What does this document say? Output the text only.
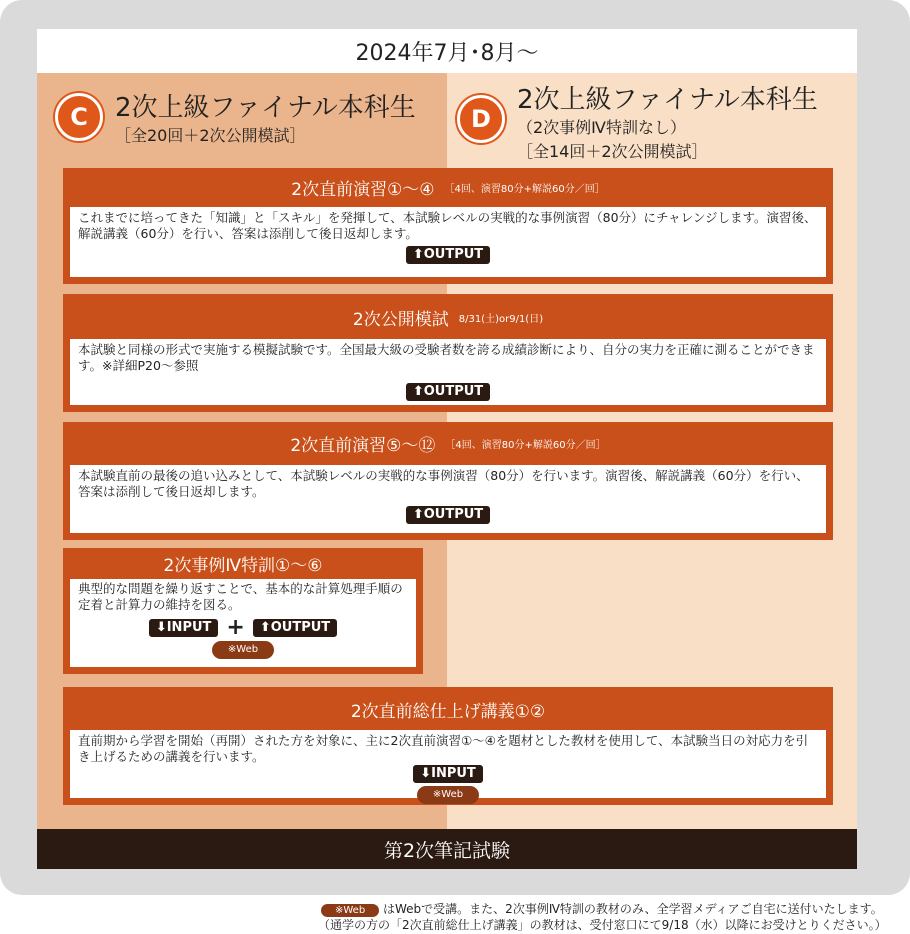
2024年7月･8月〜
C 2次上級ファイナル本科生
［全20回＋2次公開模試］
D
2次上級ファイナル本科生
（2次事例Ⅳ特訓なし）
［全14回＋2次公開模試］
2次直前演習①〜④ ［4回、演習80分+解説60分／回］
これまでに培ってきた「知識」と「スキル」を発揮して、本試験レベルの実戦的な事例演習（80分）にチャレンジします。演習後、解説講義（60分）を行い、答案は添削して後日返却します。
⬆OUTPUT
2次公開模試 8/31(土)or9/1(日)
本試験と同様の形式で実施する模擬試験です。全国最大級の受験者数を誇る成績診断により、自分の実力を正確に測ることができます。※詳細P20〜参照
⬆OUTPUT
2次直前演習⑤〜⑫ ［4回、演習80分+解説60分／回］
本試験直前の最後の追い込みとして、本試験レベルの実戦的な事例演習（80分）を行います。演習後、解説講義（60分）を行い、答案は添削して後日返却します。
⬆OUTPUT
2次事例Ⅳ特訓①〜⑥
典型的な問題を繰り返すことで、基本的な計算処理手順の定着と計算力の維持を図る。
⬇INPUT +	⬆OUTPUT
※Web
2次直前総仕上げ講義①②
直前期から学習を開始（再開）された方を対象に、主に2次直前演習①〜④を題材とした教材を使用して、本試験当日の対応力を引き上げるための講義を行います。
⬇INPUT
※Web
第2次筆記試験
※Web はWebで受講。また、2次事例Ⅳ特訓の教材のみ、全学習メディアご自宅に送付いたします。
（通学の方の「2次直前総仕上げ講義」の教材は、受付窓口にて9/18（水）以降にお受けとりください。）
